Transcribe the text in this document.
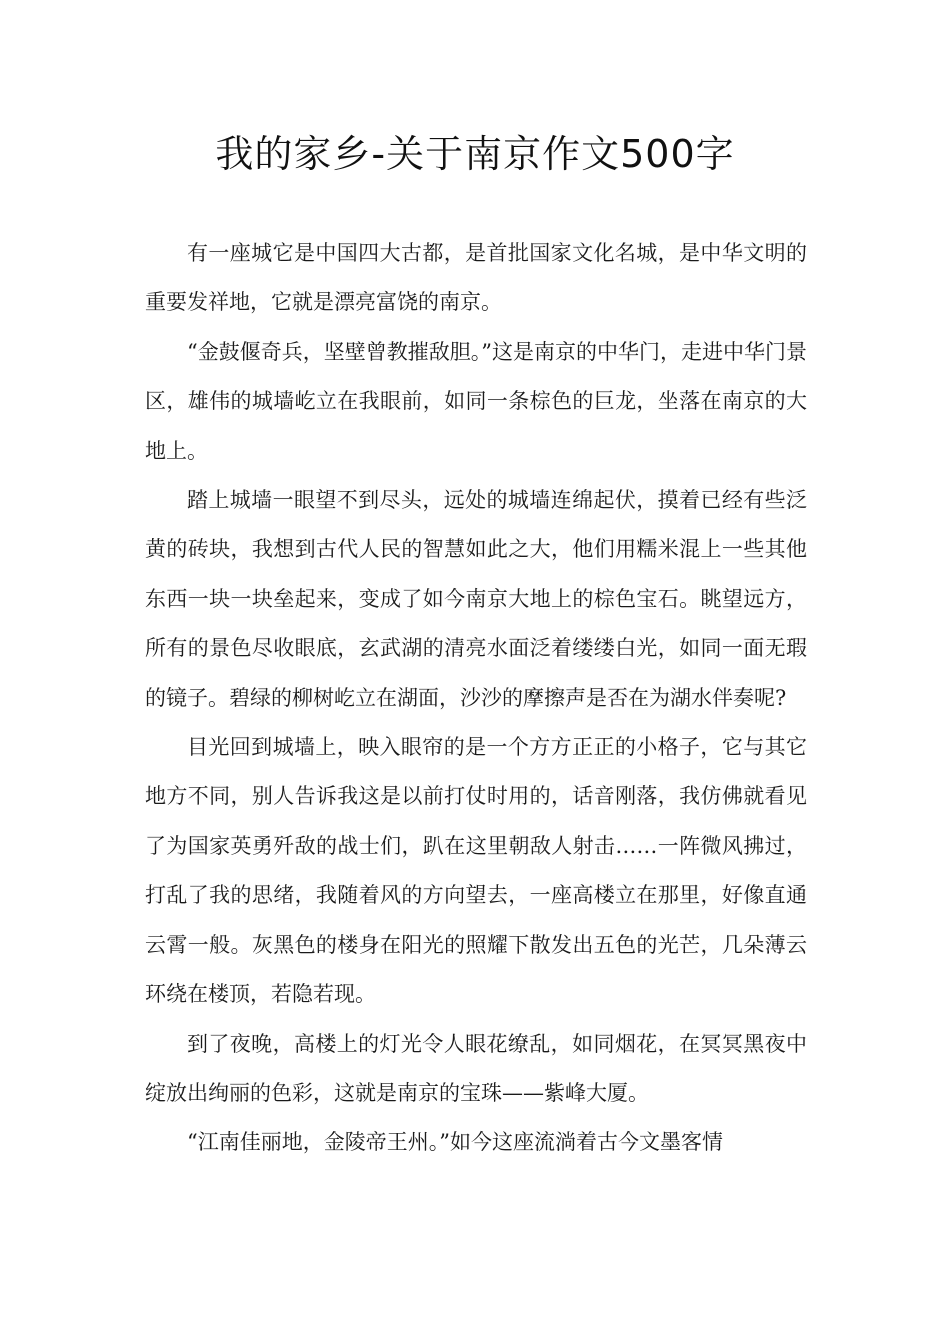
我的家乡-关于南京作文500字

有一座城它是中国四大古都，是首批国家文化名城，是中华文明的重要发祥地，它就是漂亮富饶的南京。

“金鼓偃奇兵，坚壁曾教摧敌胆。”这是南京的中华门，走进中华门景区，雄伟的城墙屹立在我眼前，如同一条棕色的巨龙，坐落在南京的大地上。

踏上城墙一眼望不到尽头，远处的城墙连绵起伏，摸着已经有些泛黄的砖块，我想到古代人民的智慧如此之大，他们用糯米混上一些其他东西一块一块垒起来，变成了如今南京大地上的棕色宝石。眺望远方，所有的景色尽收眼底，玄武湖的清亮水面泛着缕缕白光，如同一面无瑕的镜子。碧绿的柳树屹立在湖面，沙沙的摩擦声是否在为湖水伴奏呢?

目光回到城墙上，映入眼帘的是一个方方正正的小格子，它与其它地方不同，别人告诉我这是以前打仗时用的，话音刚落，我仿佛就看见了为国家英勇歼敌的战士们，趴在这里朝敌人射击……一阵微风拂过，打乱了我的思绪，我随着风的方向望去，一座高楼立在那里，好像直通云霄一般。灰黑色的楼身在阳光的照耀下散发出五色的光芒，几朵薄云环绕在楼顶，若隐若现。

到了夜晚，高楼上的灯光令人眼花缭乱，如同烟花，在冥冥黑夜中绽放出绚丽的色彩，这就是南京的宝珠——紫峰大厦。

“江南佳丽地，金陵帝王州。”如今这座流淌着古今文墨客情
